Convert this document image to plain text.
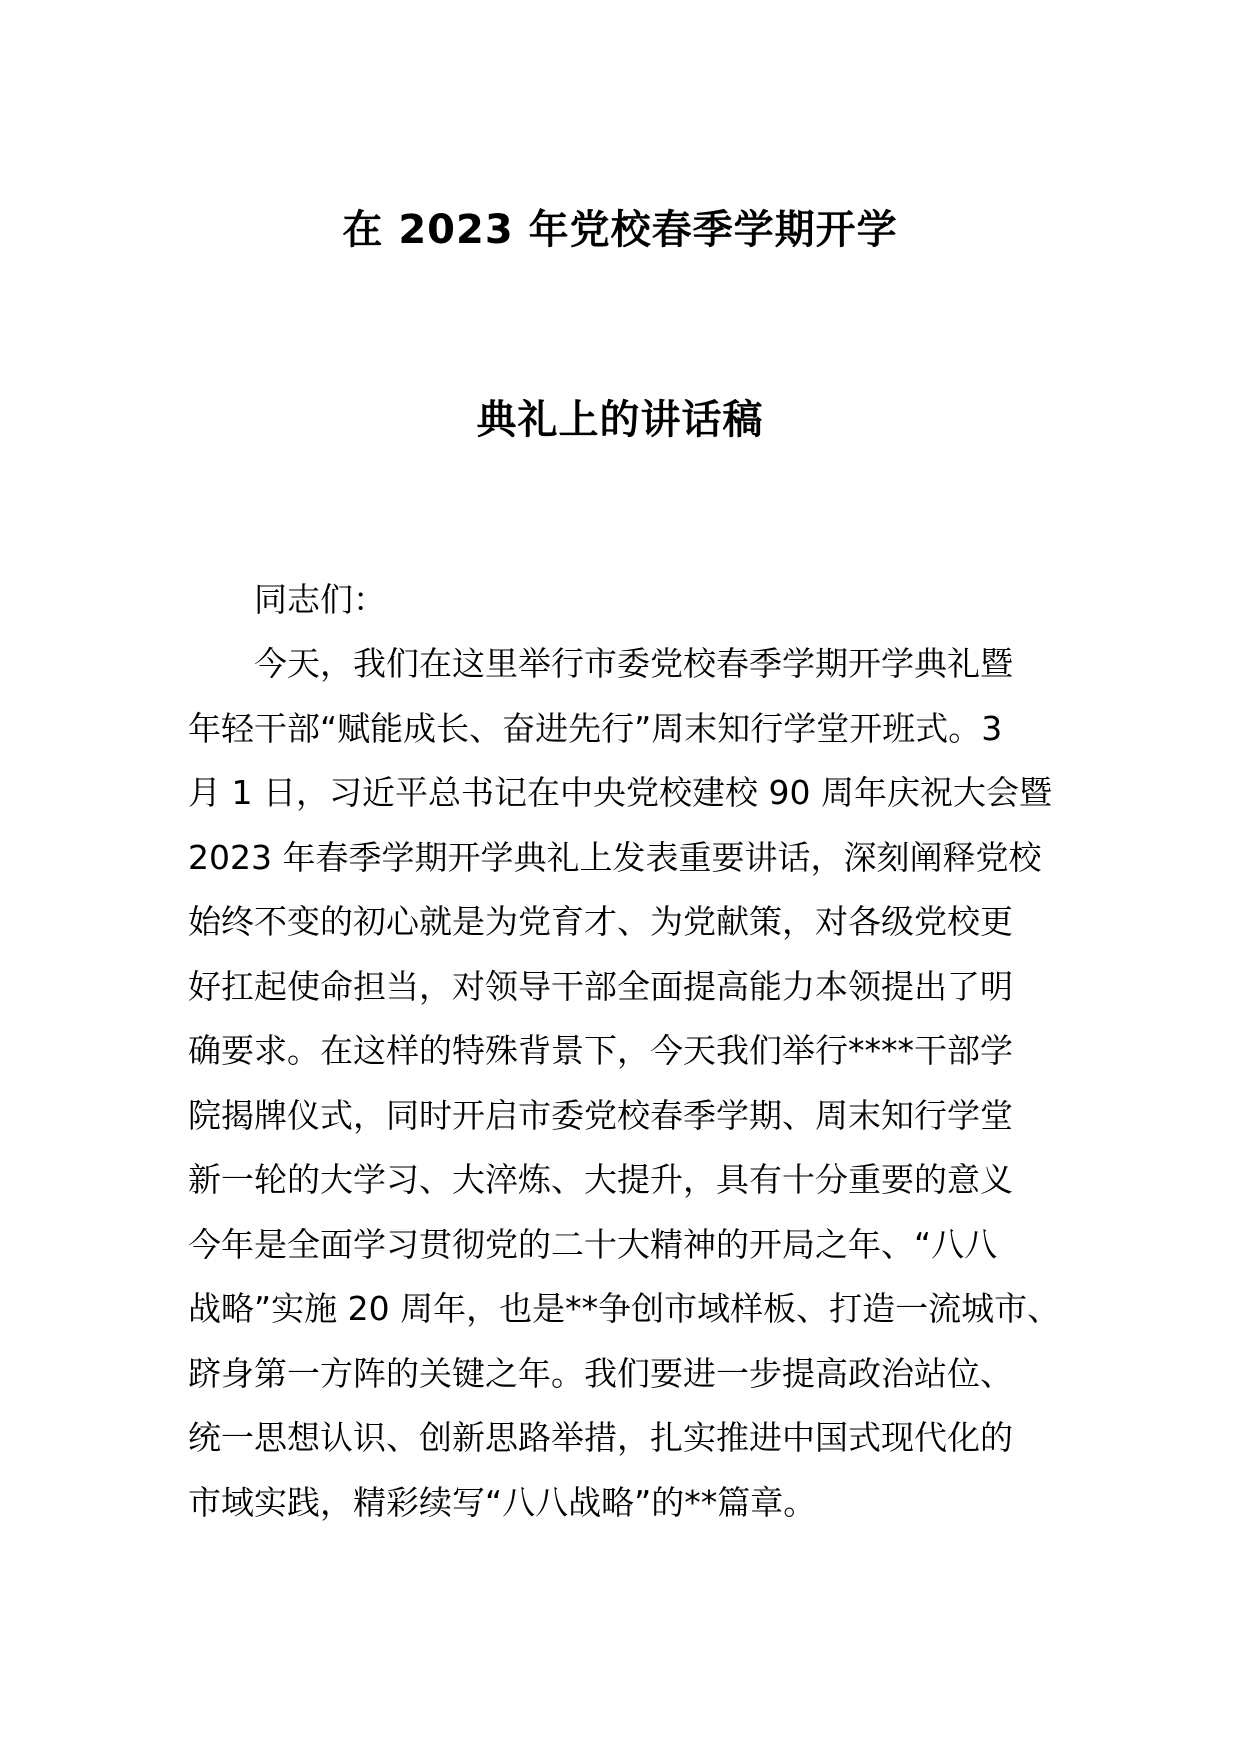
在 2023 年党校春季学期开学
典礼上的讲话稿
同志们：
今天，我们在这里举行市委党校春季学期开学典礼暨
年轻干部“赋能成长、奋进先行”周末知行学堂开班式。3
月 1 日，习近平总书记在中央党校建校 90 周年庆祝大会暨
2023 年春季学期开学典礼上发表重要讲话，深刻阐释党校
始终不变的初心就是为党育才、为党献策，对各级党校更
好扛起使命担当，对领导干部全面提高能力本领提出了明
确要求。在这样的特殊背景下，今天我们举行****干部学
院揭牌仪式，同时开启市委党校春季学期、周末知行学堂
新一轮的大学习、大淬炼、大提升，具有十分重要的意义
今年是全面学习贯彻党的二十大精神的开局之年、“八八
战略”实施 20 周年，也是**争创市域样板、打造一流城市、
跻身第一方阵的关键之年。我们要进一步提高政治站位、
统一思想认识、创新思路举措，扎实推进中国式现代化的
市域实践，精彩续写“八八战略”的**篇章。
